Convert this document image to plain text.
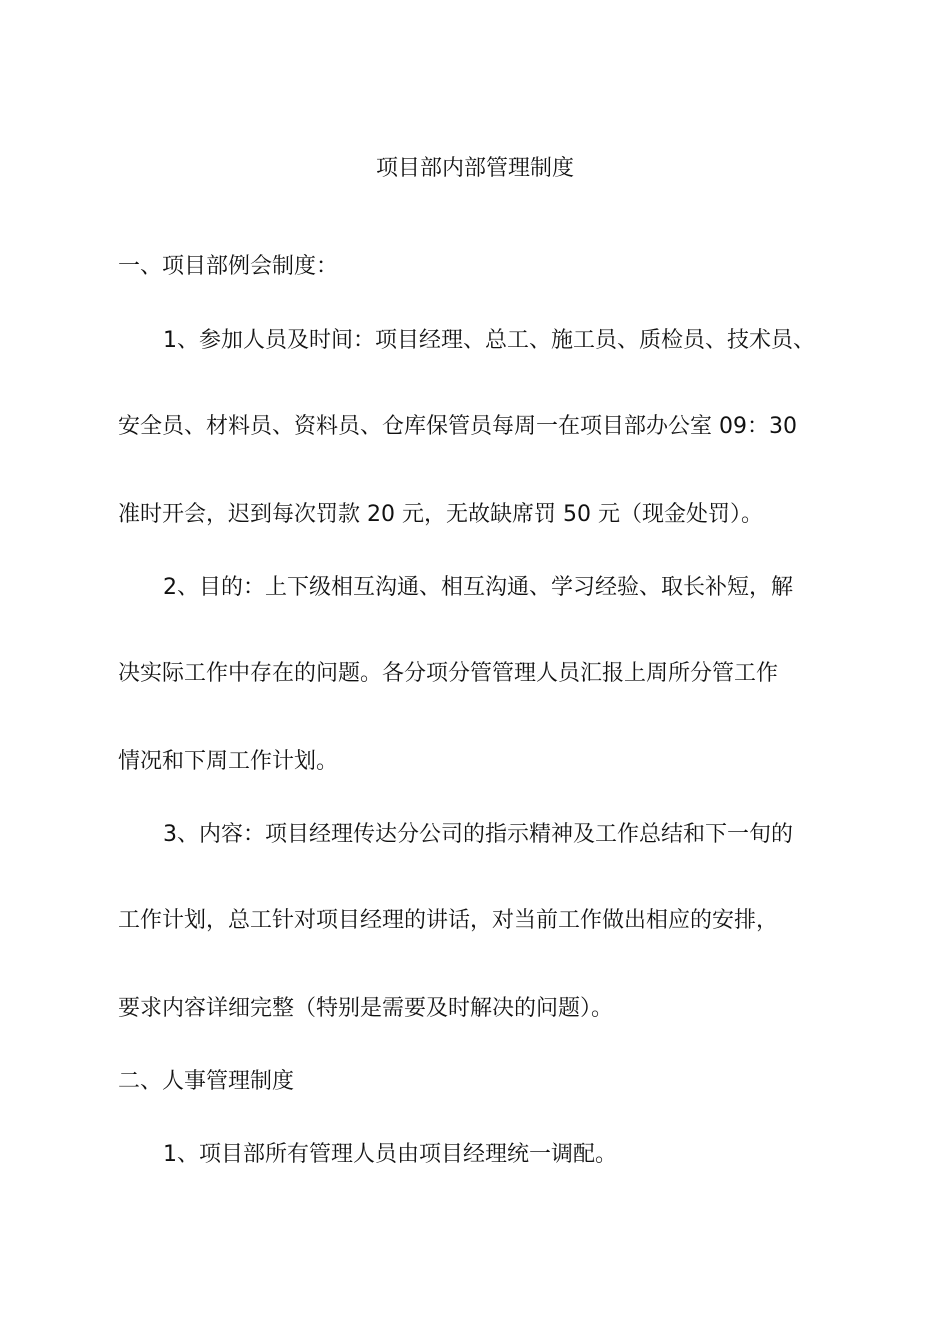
项目部内部管理制度
一、项目部例会制度：
1、参加人员及时间：项目经理、总工、施工员、质检员、技术员、
安全员、材料员、资料员、仓库保管员每周一在项目部办公室 09：30
准时开会，迟到每次罚款 20 元，无故缺席罚 50 元（现金处罚）。
2、目的：上下级相互沟通、相互沟通、学习经验、取长补短，解
决实际工作中存在的问题。各分项分管管理人员汇报上周所分管工作
情况和下周工作计划。
3、内容：项目经理传达分公司的指示精神及工作总结和下一旬的
工作计划，总工针对项目经理的讲话，对当前工作做出相应的安排，
要求内容详细完整（特别是需要及时解决的问题）。
二、人事管理制度
1、项目部所有管理人员由项目经理统一调配。
